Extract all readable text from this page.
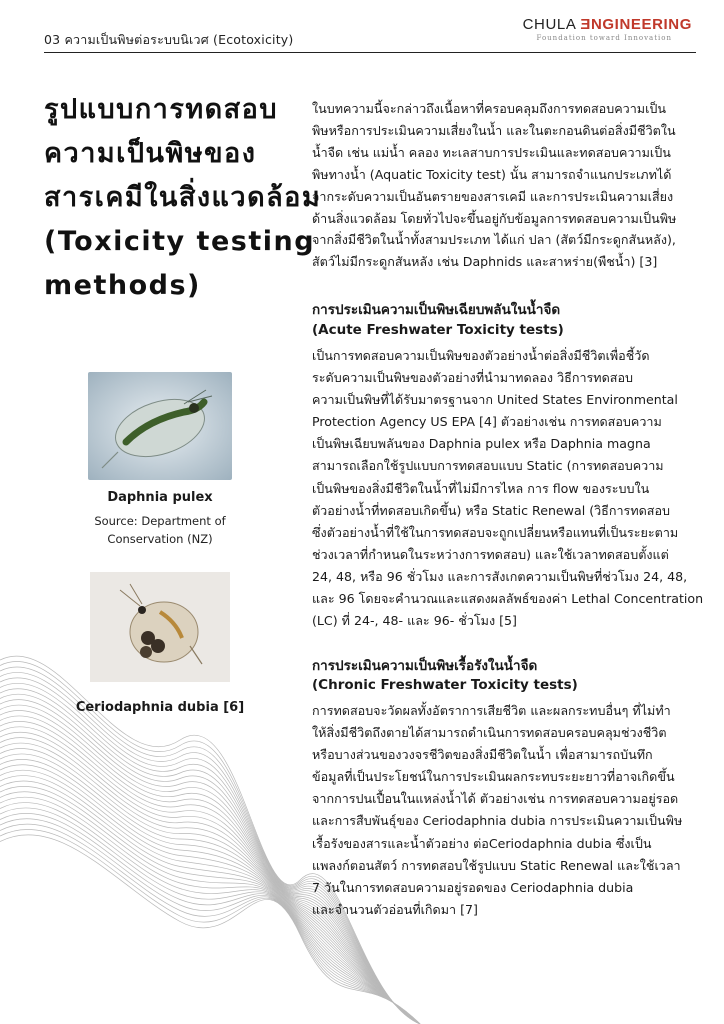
03 ความเป็นพิษต่อระบบนิเวศ (Ecotoxicity)
CHULA ƎNGINEERING
Foundation toward Innovation
รูปแบบการทดสอบ
ความเป็นพิษของ
สารเคมีในสิ่งแวดล้อม
(Toxicity testing
methods)
Daphnia pulex
Source: Department of
Conservation (NZ)
Ceriodaphnia dubia [6]
ในบทความนี้จะกล่าวถึงเนื้อหาที่ครอบคลุมถึงการทดสอบความเป็น
พิษหรือการประเมินความเสี่ยงในน้ำ และในตะกอนดินต่อสิ่งมีชีวิตใน
น้ำจืด เช่น แม่น้ำ คลอง ทะเลสาบการประเมินและทดสอบความเป็น
พิษทางน้ำ (Aquatic Toxicity test) นั้น สามารถจำแนกประเภทได้
จากระดับความเป็นอันตรายของสารเคมี และการประเมินความเสี่ยง
ด้านสิ่งแวดล้อม โดยทั่วไปจะขึ้นอยู่กับข้อมูลการทดสอบความเป็นพิษ
จากสิ่งมีชีวิตในน้ำทั้งสามประเภท ได้แก่ ปลา (สัตว์มีกระดูกสันหลัง),
สัตว์ไม่มีกระดูกสันหลัง เช่น Daphnids และสาหร่าย(พืชน้ำ) [3]
การประเมินความเป็นพิษเฉียบพลันในน้ำจืด
(Acute Freshwater Toxicity tests)
เป็นการทดสอบความเป็นพิษของตัวอย่างน้ำต่อสิ่งมีชีวิตเพื่อชี้วัด
ระดับความเป็นพิษของตัวอย่างที่นำมาทดลอง วิธีการทดสอบ
ความเป็นพิษที่ได้รับมาตรฐานจาก United States Environmental
Protection Agency US EPA [4] ตัวอย่างเช่น การทดสอบความ
เป็นพิษเฉียบพลันของ Daphnia pulex หรือ Daphnia magna
สามารถเลือกใช้รูปแบบการทดสอบแบบ Static (การทดสอบความ
เป็นพิษของสิ่งมีชีวิตในน้ำที่ไม่มีการไหล การ flow ของระบบใน
ตัวอย่างน้ำที่ทดสอบเกิดขึ้น) หรือ Static Renewal (วิธีการทดสอบ
ซึ่งตัวอย่างน้ำที่ใช้ในการทดสอบจะถูกเปลี่ยนหรือแทนที่เป็นระยะตาม
ช่วงเวลาที่กำหนดในระหว่างการทดสอบ) และใช้เวลาทดสอบตั้งแต่
24, 48, หรือ 96 ชั่วโมง และการสังเกตความเป็นพิษที่ช่วโมง 24, 48,
และ 96 โดยจะคำนวณและแสดงผลลัพธ์ของค่า Lethal Concentration
(LC) ที่ 24-, 48- และ 96- ชั่วโมง [5]
การประเมินความเป็นพิษเรื้อรังในน้ำจืด
(Chronic Freshwater Toxicity tests)
การทดสอบจะวัดผลทั้งอัตราการเสียชีวิต และผลกระทบอื่นๆ ที่ไม่ทำ
ให้สิ่งมีชีวิตถึงตายได้สามารถดำเนินการทดสอบครอบคลุมช่วงชีวิต
หรือบางส่วนของวงจรชีวิตของสิ่งมีชีวิตในน้ำ เพื่อสามารถบันทึก
ข้อมูลที่เป็นประโยชน์ในการประเมินผลกระทบระยะยาวที่อาจเกิดขึ้น
จากการปนเปื้อนในแหล่งน้ำได้ ตัวอย่างเช่น การทดสอบความอยู่รอด
และการสืบพันธุ์ของ Ceriodaphnia dubia การประเมินความเป็นพิษ
เรื้อรังของสารและน้ำตัวอย่าง ต่อCeriodaphnia dubia ซึ่งเป็น
แพลงก์ตอนสัตว์ การทดสอบใช้รูปแบบ Static Renewal และใช้เวลา
7 วันในการทดสอบความอยู่รอดของ Ceriodaphnia dubia
และจำนวนตัวอ่อนที่เกิดมา [7]
